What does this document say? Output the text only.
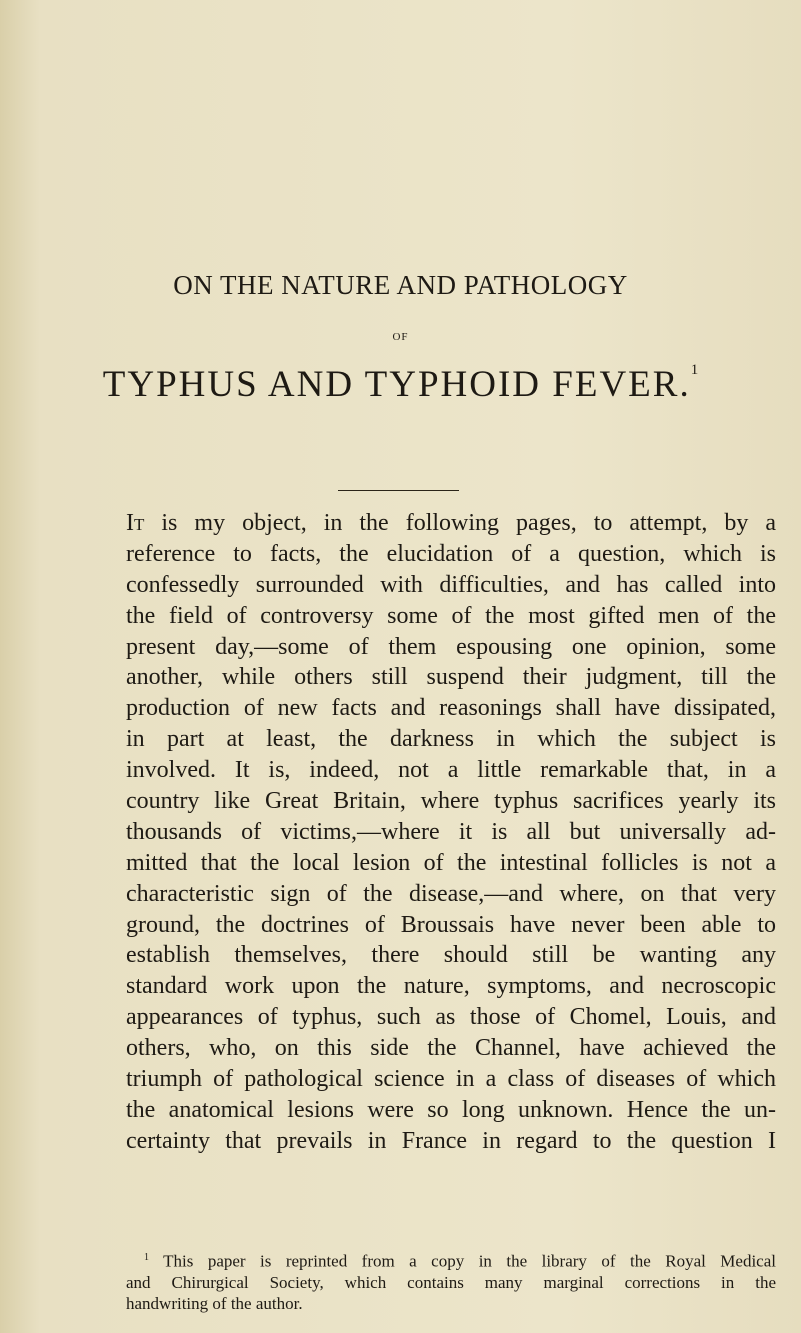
ON THE NATURE AND PATHOLOGY
OF
TYPHUS AND TYPHOID FEVER.$^1$
It is my object, in the following pages, to attempt, by a
reference to facts, the elucidation of a question, which is
confessedly surrounded with difficulties, and has called into
the field of controversy some of the most gifted men of the
present day,—some of them espousing one opinion, some
another, while others still suspend their judgment, till the
production of new facts and reasonings shall have dissipated,
in part at least, the darkness in which the subject is
involved. It is, indeed, not a little remarkable that, in a
country like Great Britain, where typhus sacrifices yearly its
thousands of victims,—where it is all but universally ad-
mitted that the local lesion of the intestinal follicles is not a
characteristic sign of the disease,—and where, on that very
ground, the doctrines of Broussais have never been able to
establish themselves, there should still be wanting any
standard work upon the nature, symptoms, and necroscopic
appearances of typhus, such as those of Chomel, Louis, and
others, who, on this side the Channel, have achieved the
triumph of pathological science in a class of diseases of which
the anatomical lesions were so long unknown. Hence the un-
certainty that prevails in France in regard to the question I
$^1$ This paper is reprinted from a copy in the library of the Royal Medical
and Chirurgical Society, which contains many marginal corrections in the
handwriting of the author.
